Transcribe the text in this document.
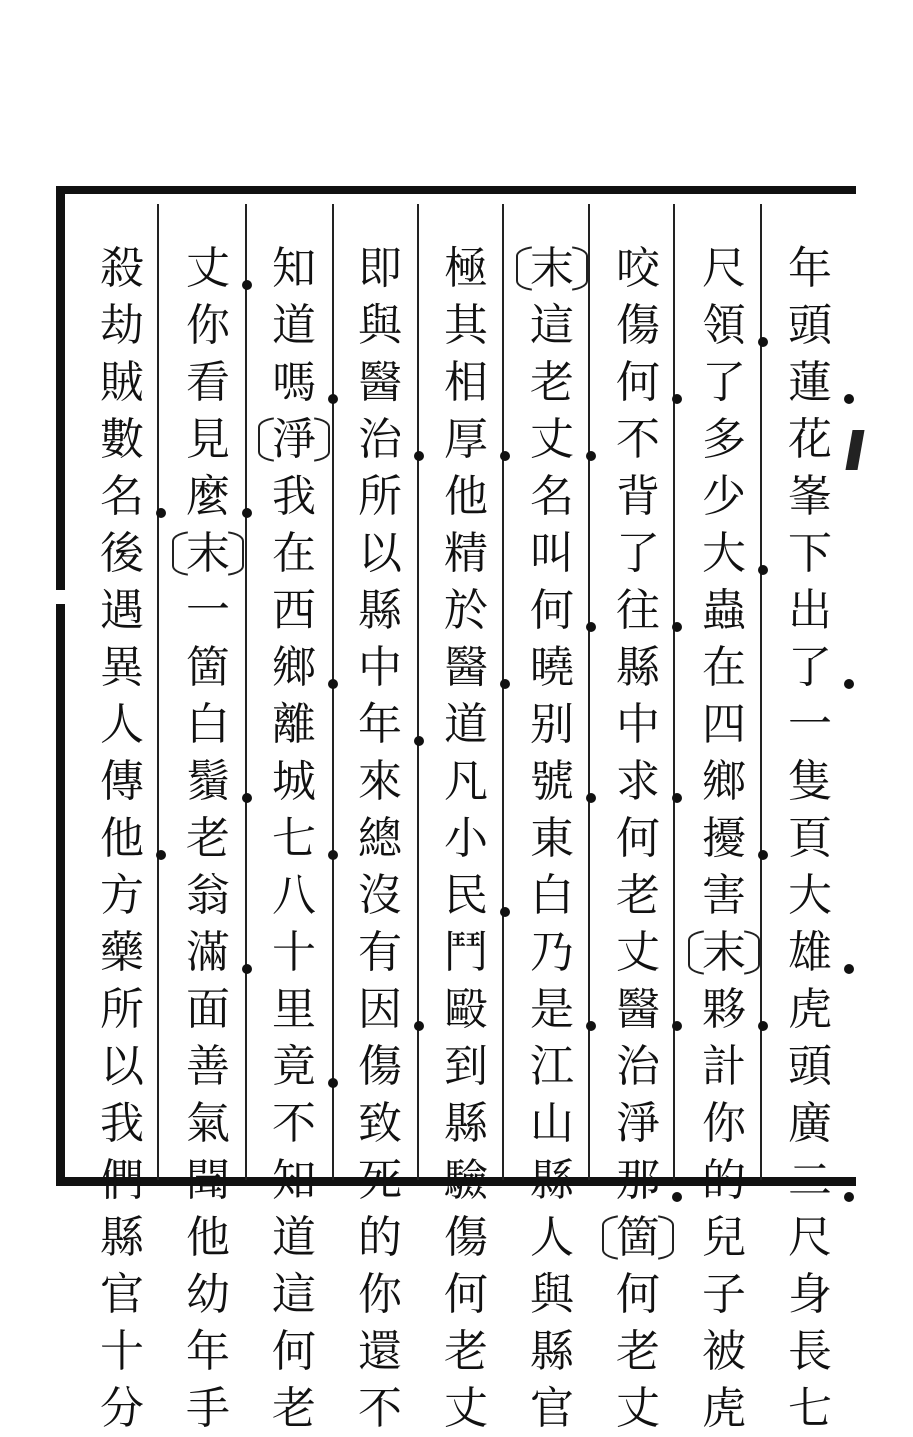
年
頭
蓮
花
峯
下
出
了
一
隻
頁
大
雄
虎
頭
廣
二
尺
身
長
七
尺
領
了
多
少
大
蟲
在
四
鄉
擾
害
末
夥
計
你
的
兒
子
被
虎
咬
傷
何
不
背
了
往
縣
中
求
何
老
丈
醫
治
淨
那
箇
何
老
丈
末
這
老
丈
名
叫
何
曉
别
號
東
白
乃
是
江
山
縣
人
與
縣
官
極
其
相
厚
他
精
於
醫
道
凡
小
民
鬥
毆
到
縣
驗
傷
何
老
丈
即
與
醫
治
所
以
縣
中
年
來
總
沒
有
因
傷
致
死
的
你
還
不
知
道
嗎
淨
我
在
西
鄉
離
城
七
八
十
里
竟
不
知
道
這
何
老
丈
你
看
見
麼
末
一
箇
白
鬚
老
翁
滿
面
善
氣
聞
他
幼
年
手
殺
劫
賊
數
名
後
遇
異
人
傳
他
方
藥
所
以
我
們
縣
官
十
分
